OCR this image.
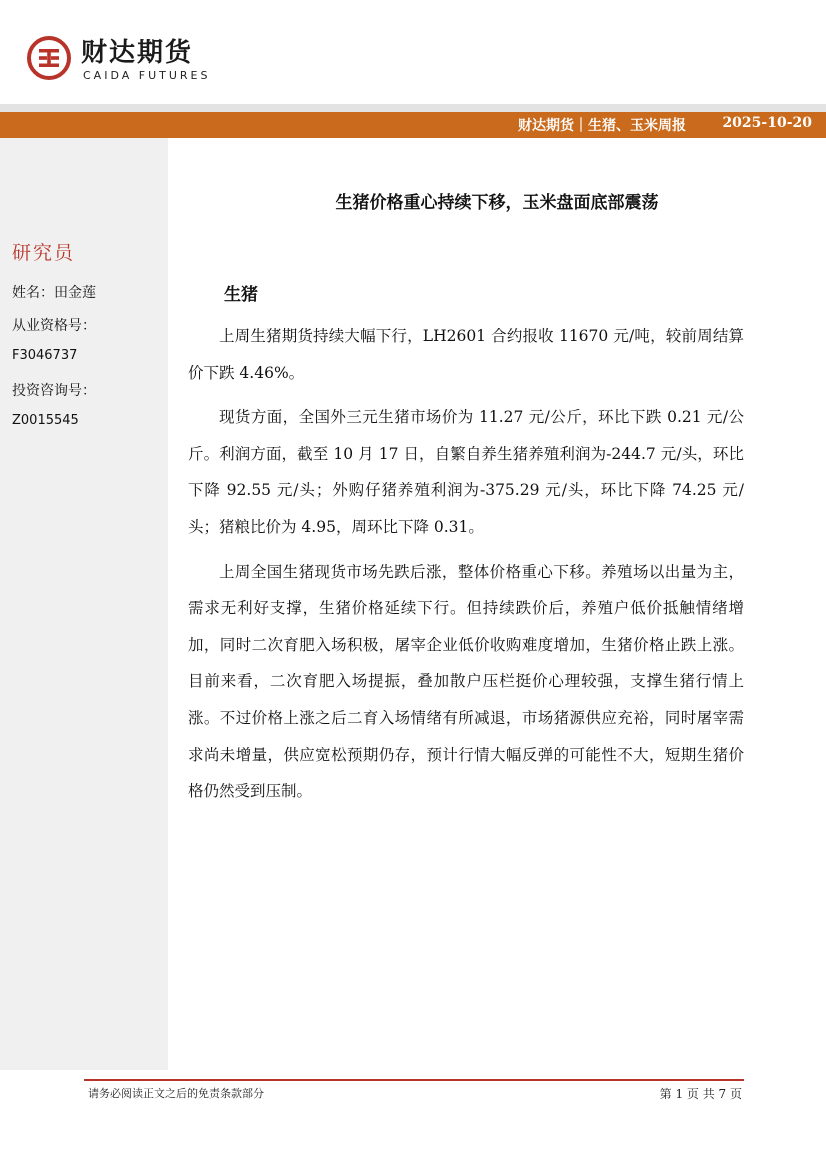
财达期货
CAIDA FUTURES
财达期货｜生猪、玉米周报	2025-10-20
研究员
姓名：田金莲
从业资格号：
F3046737
投资咨询号：
Z0015545
生猪价格重心持续下移，玉米盘面底部震荡
生猪

上周生猪期货持续大幅下行，LH2601 合约报收 11670 元/吨，较前周结算价下跌 4.46%。

现货方面，全国外三元生猪市场价为 11.27 元/公斤，环比下跌 0.21 元/公斤。利润方面，截至 10 月 17 日，自繁自养生猪养殖利润为-244.7 元/头，环比下降 92.55 元/头；外购仔猪养殖利润为-375.29 元/头，环比下降 74.25 元/头；猪粮比价为 4.95，周环比下降 0.31。

上周全国生猪现货市场先跌后涨，整体价格重心下移。养殖场以出量为主，需求无利好支撑，生猪价格延续下行。但持续跌价后，养殖户低价抵触情绪增加，同时二次育肥入场积极，屠宰企业低价收购难度增加，生猪价格止跌上涨。目前来看，二次育肥入场提振，叠加散户压栏挺价心理较强，支撑生猪行情上涨。不过价格上涨之后二育入场情绪有所减退，市场猪源供应充裕，同时屠宰需求尚未增量，供应宽松预期仍存，预计行情大幅反弹的可能性不大，短期生猪价格仍然受到压制。

请务必阅读正文之后的免责条款部分	第 1 页 共 7 页
